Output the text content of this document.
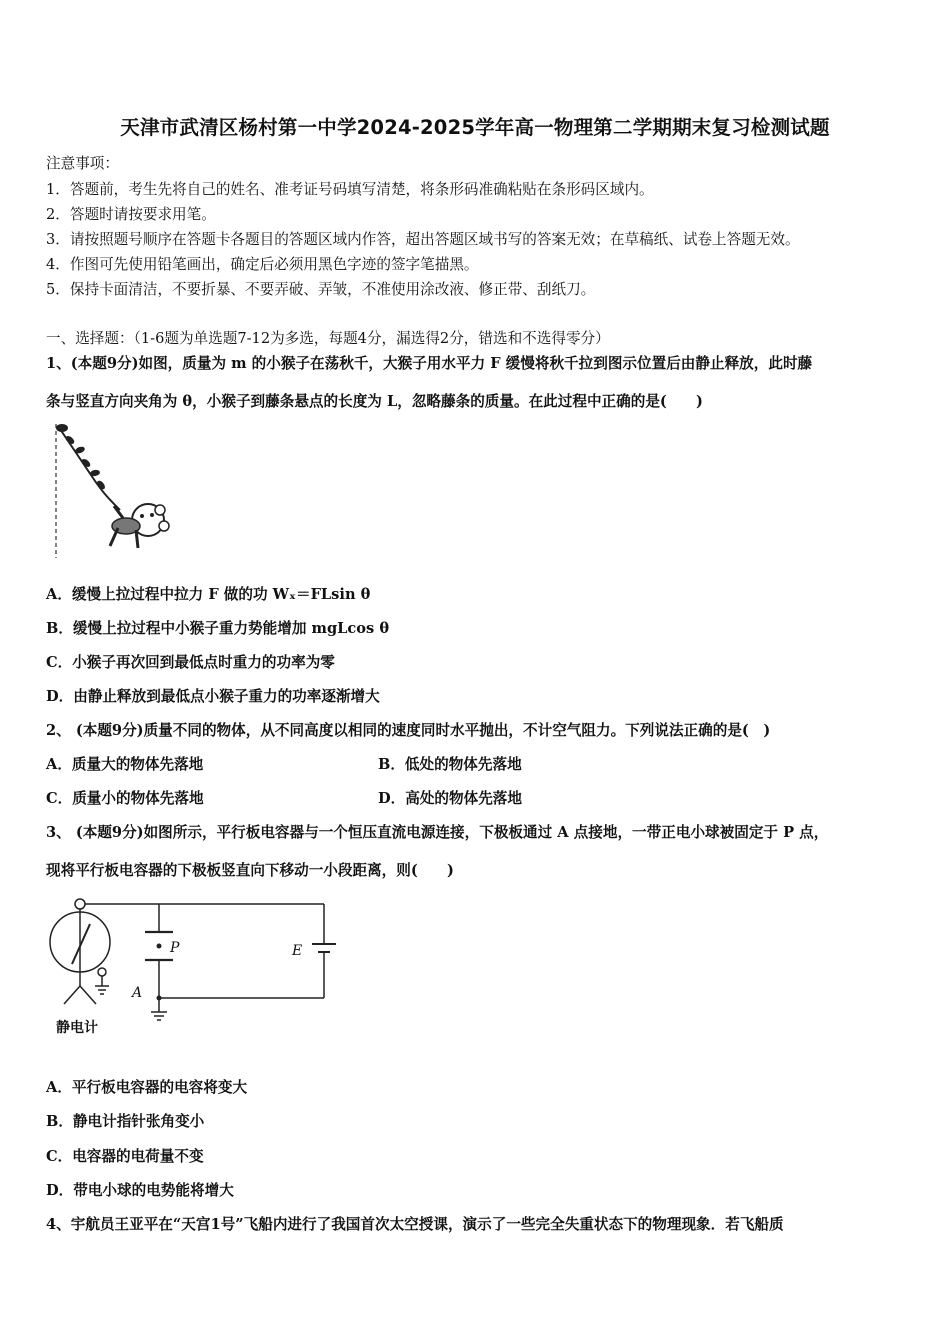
天津市武清区杨村第一中学2024-2025学年高一物理第二学期期末复习检测试题
注意事项：
1．答题前，考生先将自己的姓名、准考证号码填写清楚，将条形码准确粘贴在条形码区域内。
2．答题时请按要求用笔。
3．请按照题号顺序在答题卡各题目的答题区域内作答，超出答题区域书写的答案无效；在草稿纸、试卷上答题无效。
4．作图可先使用铅笔画出，确定后必须用黑色字迹的签字笔描黑。
5．保持卡面清洁，不要折暴、不要弄破、弄皱，不准使用涂改液、修正带、刮纸刀。
一、选择题：（1-6题为单选题7-12为多选，每题4分，漏选得2分，错选和不选得零分）
1、(本题9分)如图，质量为 m 的小猴子在荡秋千，大猴子用水平力 F 缓慢将秋千拉到图示位置后由静止释放，此时藤
条与竖直方向夹角为 θ，小猴子到藤条悬点的长度为 L，忽略藤条的质量。在此过程中正确的是(　　)
A．缓慢上拉过程中拉力 F 做的功 Wₓ＝FLsin θ
B．缓慢上拉过程中小猴子重力势能增加 mgLcos θ
C．小猴子再次回到最低点时重力的功率为零
D．由静止释放到最低点小猴子重力的功率逐渐增大
2、 (本题9分)质量不同的物体，从不同高度以相同的速度同时水平抛出，不计空气阻力。下列说法正确的是(　)
A．质量大的物体先落地	B．低处的物体先落地
C．质量小的物体先落地	D．高处的物体先落地
3、 (本题9分)如图所示，平行板电容器与一个恒压直流电源连接，下极板通过 A 点接地，一带正电小球被固定于 P 点，
现将平行板电容器的下极板竖直向下移动一小段距离，则(　　)
P	E
A
静电计
A．平行板电容器的电容将变大
B．静电计指针张角变小
C．电容器的电荷量不变
D．带电小球的电势能将增大
4、宇航员王亚平在“天宫1号”飞船内进行了我国首次太空授课，演示了一些完全失重状态下的物理现象．若飞船质
